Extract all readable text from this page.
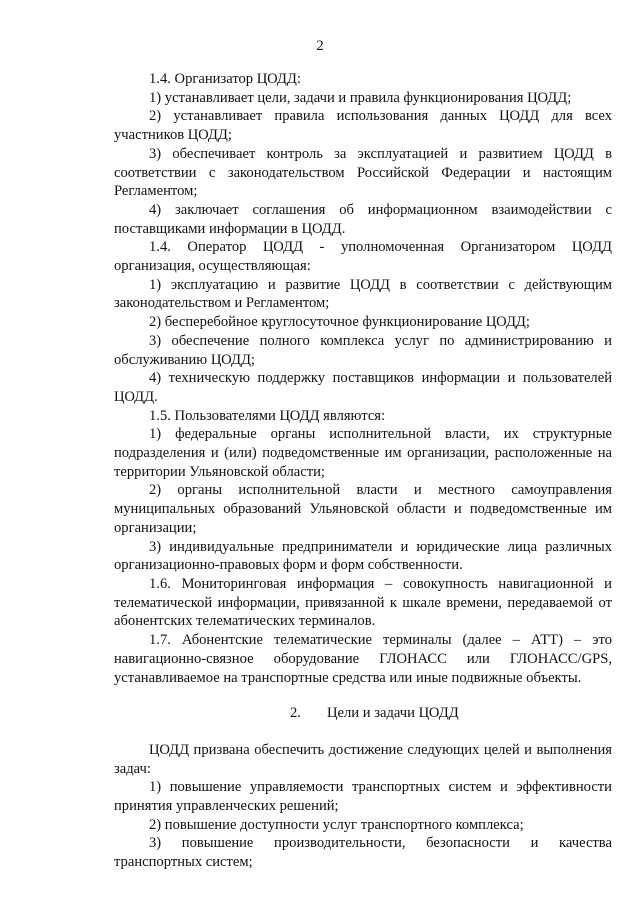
2

1.4. Организатор ЦОДД:

1) устанавливает цели, задачи и правила функционирования ЦОДД;

2) устанавливает правила использования данных ЦОДД для всех участников ЦОДД;

3) обеспечивает контроль за эксплуатацией и развитием ЦОДД в соответствии с законодательством Российской Федерации и настоящим Регламентом;

4) заключает соглашения об информационном взаимодействии с поставщиками информации в ЦОДД.

1.4. Оператор ЦОДД - уполномоченная Организатором ЦОДД организация, осуществляющая:

1) эксплуатацию и развитие ЦОДД в соответствии с действующим законодательством и Регламентом;

2) бесперебойное круглосуточное функционирование ЦОДД;

3) обеспечение полного комплекса услуг по администрированию и обслуживанию ЦОДД;

4) техническую поддержку поставщиков информации и пользователей ЦОДД.

1.5. Пользователями ЦОДД являются:

1) федеральные органы исполнительной власти, их структурные подразделения и (или) подведомственные им организации, расположенные на территории Ульяновской области;

2) органы исполнительной власти и местного самоуправления муниципальных образований Ульяновской области и подведомственные им организации;

3) индивидуальные предприниматели и юридические лица различных организационно-правовых форм и форм собственности.

1.6. Мониторинговая информация – совокупность навигационной и телематической информации, привязанной к шкале времени, передаваемой от абонентских телематических терминалов.

1.7. Абонентские телематические терминалы (далее – АТТ) – это навигационно-связное оборудование ГЛОНАСС или ГЛОНАСС/GPS, устанавливаемое на транспортные средства или иные подвижные объекты.

2. Цели и задачи ЦОДД

ЦОДД призвана обеспечить достижение следующих целей и выполнения задач:

1) повышение управляемости транспортных систем и эффективности принятия управленческих решений;

2) повышение доступности услуг транспортного комплекса;

3) повышение производительности, безопасности и качества транспортных систем;
